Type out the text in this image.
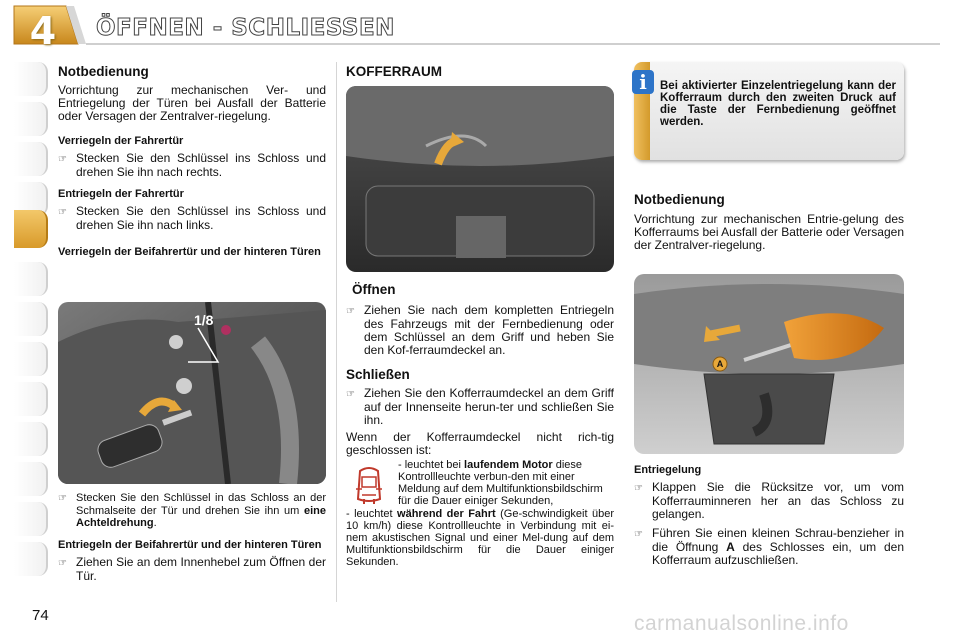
4	ÖFFNEN - SCHLIESSEN
Notbedienung

Vorrichtung zur mechanischen Ver- und Entriegelung der Türen bei Ausfall der Batterie oder Versagen der Zentralver-riegelung.

Verriegeln der Fahrertür
☞ Stecken Sie den Schlüssel ins Schloss und drehen Sie ihn nach rechts.
Entriegeln der Fahrertür
☞ Stecken Sie den Schlüssel ins Schloss und drehen Sie ihn nach links.
Verriegeln der Beifahrertür und der hinteren Türen
1/8
☞ Stecken Sie den Schlüssel in das Schloss an der Schmalseite der Tür und drehen Sie ihn um eine Achteldrehung.
Entriegeln der Beifahrertür und der hinteren Türen
☞ Ziehen Sie an dem Innenhebel zum Öffnen der Tür.
KOFFERRAUM
Öffnen
☞ Ziehen Sie nach dem kompletten Entriegeln des Fahrzeugs mit der Fernbedienung oder dem Schlüssel an dem Griff und heben Sie den Kof-ferraumdeckel an.
Schließen
☞ Ziehen Sie den Kofferraumdeckel an dem Griff auf der Innenseite herun-ter und schließen Sie ihn.

Wenn der Kofferraumdeckel nicht rich-tig geschlossen ist:

- leuchtet bei laufendem Motor diese Kontrollleuchte verbun-den mit einer Meldung auf dem Multifunktionsbildschirm für die Dauer einiger Sekunden,

- leuchtet während der Fahrt (Ge-schwindigkeit über 10 km/h) diese Kontrollleuchte in Verbindung mit ei-nem akustischen Signal und einer Mel-dung auf dem Multifunktionsbildschirm für die Dauer einiger Sekunden.

i	Bei aktivierter Einzelentriegelung kann der Kofferraum durch den zweiten Druck auf die Taste der Fernbedienung geöffnet werden.
Notbedienung

Vorrichtung zur mechanischen Entrie-gelung des Kofferraums bei Ausfall der Batterie oder Versagen der Zentralver-riegelung.

A
Entriegelung
☞ Klappen Sie die Rücksitze vor, um vom Kofferrauminneren her an das Schloss zu gelangen.
☞ Führen Sie einen kleinen Schrau-benzieher in die Öffnung A des Schlosses ein, um den Kofferraum aufzuschließen.
74	carmanualsonline.info
